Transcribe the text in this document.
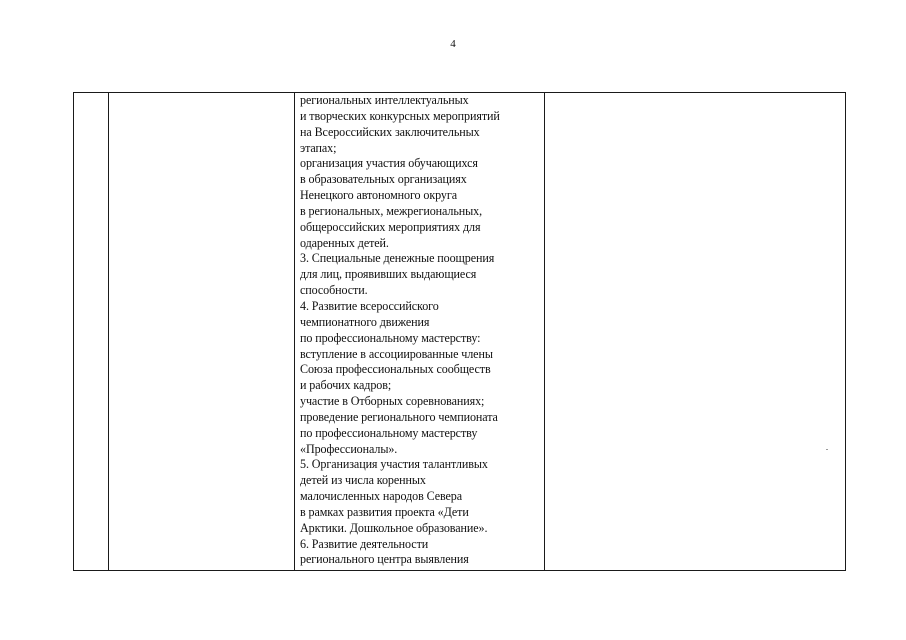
4
региональных интеллектуальных
и творческих конкурсных мероприятий
на Всероссийских заключительных
этапах;
организация участия обучающихся
в образовательных организациях
Ненецкого автономного округа
в региональных, межрегиональных,
общероссийских мероприятиях для
одаренных детей.
3. Специальные денежные поощрения
для лиц, проявивших выдающиеся
способности.
4. Развитие всероссийского
чемпионатного движения
по профессиональному мастерству:
вступление в ассоциированные члены
Союза профессиональных сообществ
и рабочих кадров;
участие в Отборных соревнованиях;
проведение регионального чемпионата
по профессиональному мастерству
«Профессионалы».
5. Организация участия талантливых
детей из числа коренных
малочисленных народов Севера
в рамках развития проекта «Дети
Арктики. Дошкольное образование».
6. Развитие деятельности
регионального центра выявления
